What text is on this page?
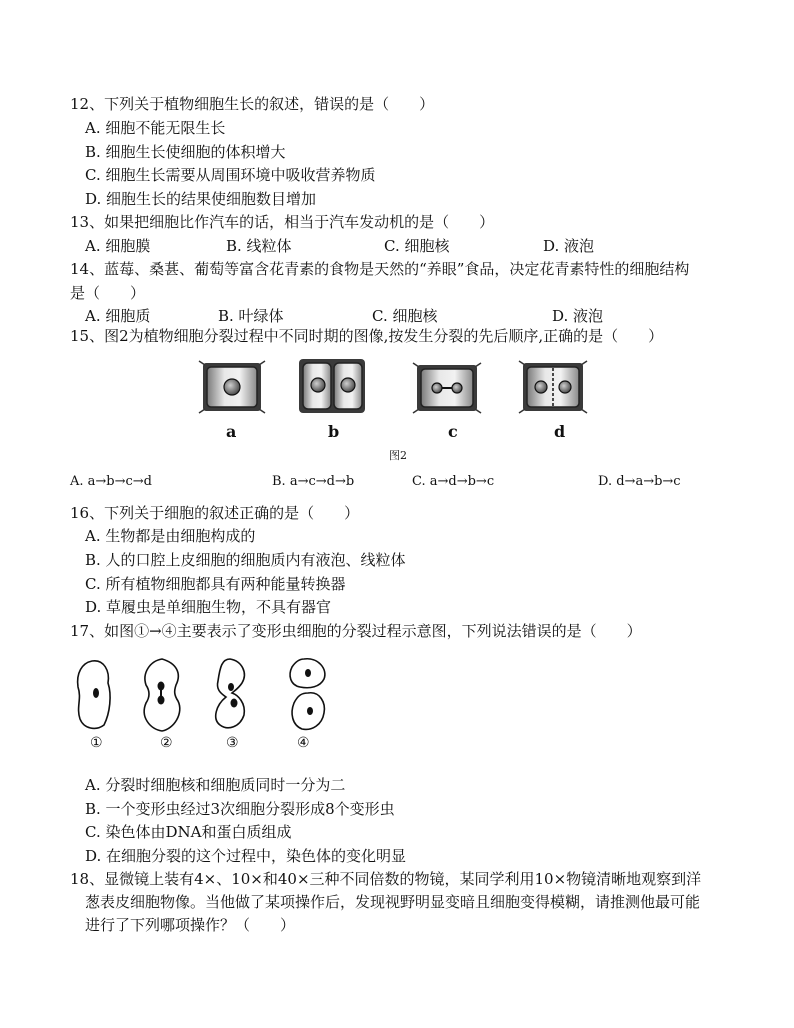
12、下列关于植物细胞生长的叙述，错误的是（　　）
A. 细胞不能无限生长
B. 细胞生长使细胞的体积增大
C. 细胞生长需要从周围环境中吸收营养物质
D. 细胞生长的结果使细胞数目增加
13、如果把细胞比作汽车的话，相当于汽车发动机的是（　　）
A. 细胞膜	B. 线粒体	C. 细胞核	D. 液泡
14、蓝莓、桑葚、葡萄等富含花青素的食物是天然的“养眼”食品，决定花青素特性的细胞结构
是（　　）
A. 细胞质	B. 叶绿体	C. 细胞核	D. 液泡
15、图2为植物细胞分裂过程中不同时期的图像,按发生分裂的先后顺序,正确的是（　　）
a	b	c	d
图2
A. a→b→c→d	B. a→c→d→b	C. a→d→b→c	D. d→a→b→c
16、下列关于细胞的叙述正确的是（　　）
A. 生物都是由细胞构成的
B. 人的口腔上皮细胞的细胞质内有液泡、线粒体
C. 所有植物细胞都具有两种能量转换器
D. 草履虫是单细胞生物，不具有器官
17、如图①→④主要表示了变形虫细胞的分裂过程示意图，下列说法错误的是（　　）
①	②	③	④
A. 分裂时细胞核和细胞质同时一分为二
B. 一个变形虫经过3次细胞分裂形成8个变形虫
C. 染色体由DNA和蛋白质组成
D. 在细胞分裂的这个过程中，染色体的变化明显
18、显微镜上装有4×、10×和40×三种不同倍数的物镜，某同学利用10×物镜清晰地观察到洋
葱表皮细胞物像。当他做了某项操作后，发现视野明显变暗且细胞变得模糊，请推测他最可能
进行了下列哪项操作？（　　）
